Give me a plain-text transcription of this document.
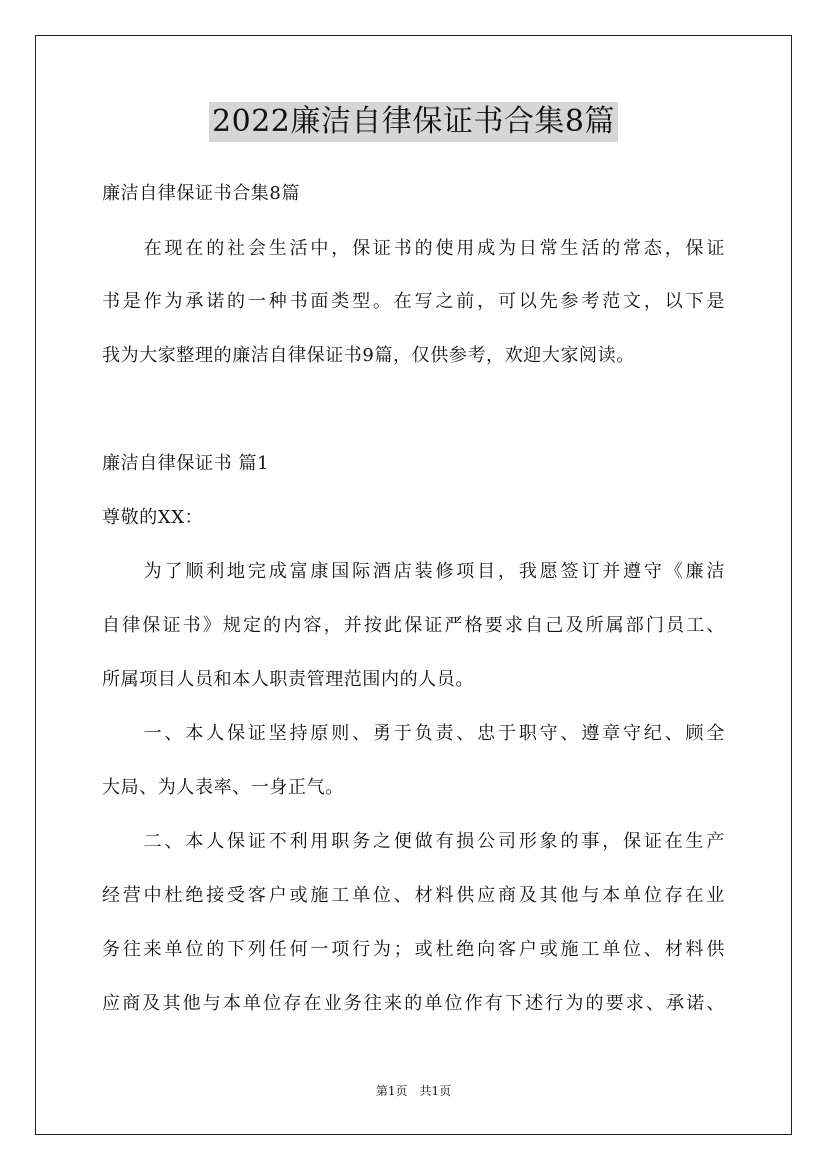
2022廉洁自律保证书合集8篇

廉洁自律保证书合集8篇

　　在现在的社会生活中，保证书的使用成为日常生活的常态，保证

书是作为承诺的一种书面类型。在写之前，可以先参考范文，以下是

我为大家整理的廉洁自律保证书9篇，仅供参考，欢迎大家阅读。

廉洁自律保证书 篇1

尊敬的XX：

　　为了顺利地完成富康国际酒店装修项目，我愿签订并遵守《廉洁

自律保证书》规定的内容，并按此保证严格要求自己及所属部门员工、

所属项目人员和本人职责管理范围内的人员。

　　一、本人保证坚持原则、勇于负责、忠于职守、遵章守纪、顾全

大局、为人表率、一身正气。

　　二、本人保证不利用职务之便做有损公司形象的事，保证在生产

经营中杜绝接受客户或施工单位、材料供应商及其他与本单位存在业

务往来单位的下列任何一项行为；或杜绝向客户或施工单位、材料供

应商及其他与本单位存在业务往来的单位作有下述行为的要求、承诺、

第1页　共1页
